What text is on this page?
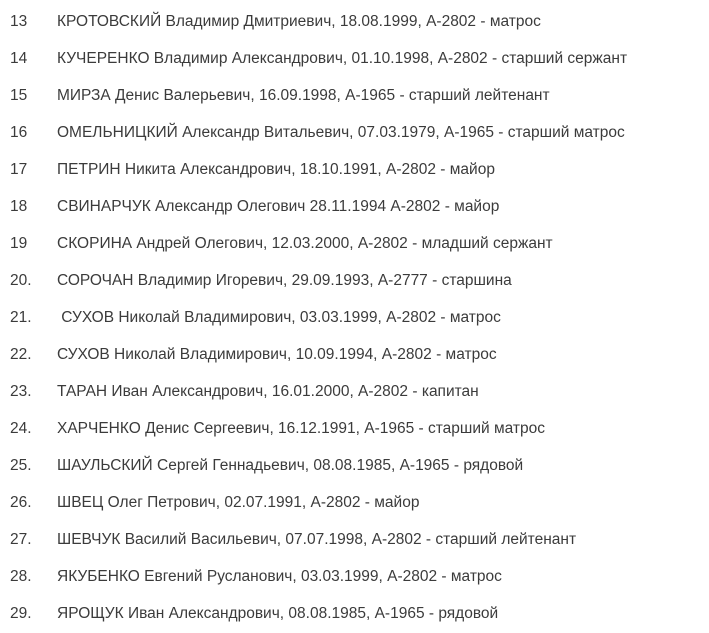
13	КРОТОВСКИЙ Владимир Дмитриевич, 18.08.1999, А-2802 - матрос
14	КУЧЕРЕНКО Владимир Александрович, 01.10.1998, А-2802 - старший сержант
15	МИРЗА Денис Валерьевич, 16.09.1998, А-1965 - старший лейтенант
16	ОМЕЛЬНИЦКИЙ Александр Витальевич, 07.03.1979, А-1965 - старший матрос
17	ПЕТРИН Никита Александрович, 18.10.1991, А-2802 - майор
18	СВИНАРЧУК Александр Олегович 28.11.1994 А-2802 - майор
19	СКОРИНА Андрей Олегович, 12.03.2000, А-2802 - младший сержант
20.	СОРОЧАН Владимир Игоревич, 29.09.1993, А-2777 - старшина
21.	СУХОВ Николай Владимирович, 03.03.1999, А-2802 - матрос
22.	СУХОВ Николай Владимирович, 10.09.1994, А-2802 - матрос
23.	ТАРАН Иван Александрович, 16.01.2000, А-2802 - капитан
24.	ХАРЧЕНКО Денис Сергеевич, 16.12.1991, А-1965 - старший матрос
25.	ШАУЛЬСКИЙ Сергей Геннадьевич, 08.08.1985, А-1965 - рядовой
26.	ШВЕЦ Олег Петрович, 02.07.1991, А-2802 - майор
27.	ШЕВЧУК Василий Васильевич, 07.07.1998, А-2802 - старший лейтенант
28.	ЯКУБЕНКО Евгений Русланович, 03.03.1999, А-2802 - матрос
29.	ЯРОЩУК Иван Александрович, 08.08.1985, А-1965 - рядовой
